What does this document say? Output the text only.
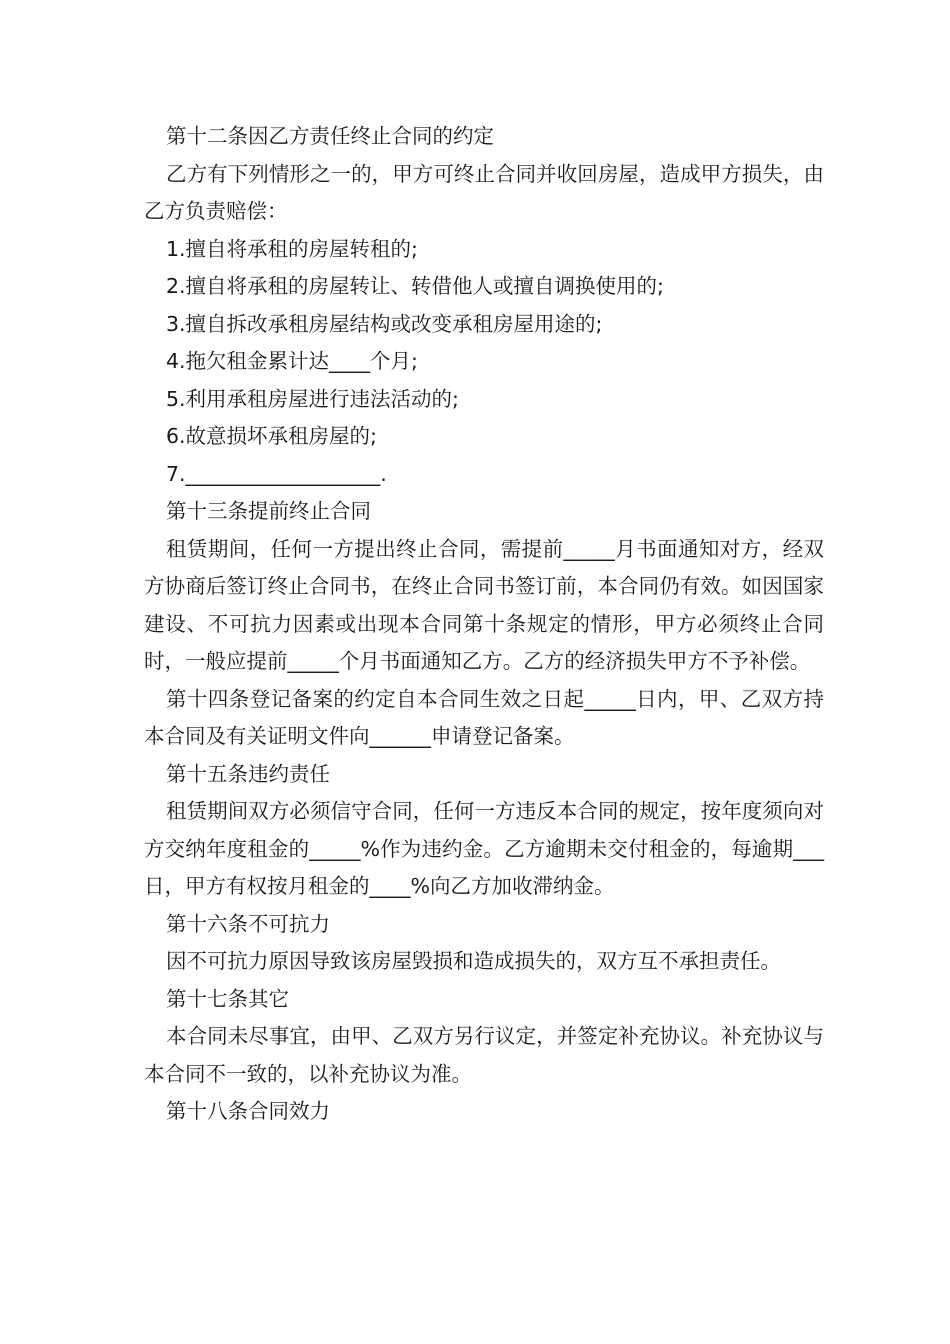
第十二条因乙方责任终止合同的约定

乙方有下列情形之一的，甲方可终止合同并收回房屋，造成甲方损失，由乙方负责赔偿：

1.擅自将承租的房屋转租的;

2.擅自将承租的房屋转让、转借他人或擅自调换使用的;

3.擅自拆改承租房屋结构或改变承租房屋用途的;

4.拖欠租金累计达____个月;

5.利用承租房屋进行违法活动的;

6.故意损坏承租房屋的;

7.___________________.

第十三条提前终止合同

租赁期间，任何一方提出终止合同，需提前_____月书面通知对方，经双方协商后签订终止合同书，在终止合同书签订前，本合同仍有效。如因国家建设、不可抗力因素或出现本合同第十条规定的情形，甲方必须终止合同时，一般应提前_____个月书面通知乙方。乙方的经济损失甲方不予补偿。

第十四条登记备案的约定自本合同生效之日起_____日内，甲、乙双方持本合同及有关证明文件向______申请登记备案。

第十五条违约责任

租赁期间双方必须信守合同，任何一方违反本合同的规定，按年度须向对方交纳年度租金的_____%作为违约金。乙方逾期未交付租金的，每逾期___日，甲方有权按月租金的____%向乙方加收滞纳金。

第十六条不可抗力

因不可抗力原因导致该房屋毁损和造成损失的，双方互不承担责任。

第十七条其它

本合同未尽事宜，由甲、乙双方另行议定，并签定补充协议。补充协议与本合同不一致的，以补充协议为准。

第十八条合同效力
